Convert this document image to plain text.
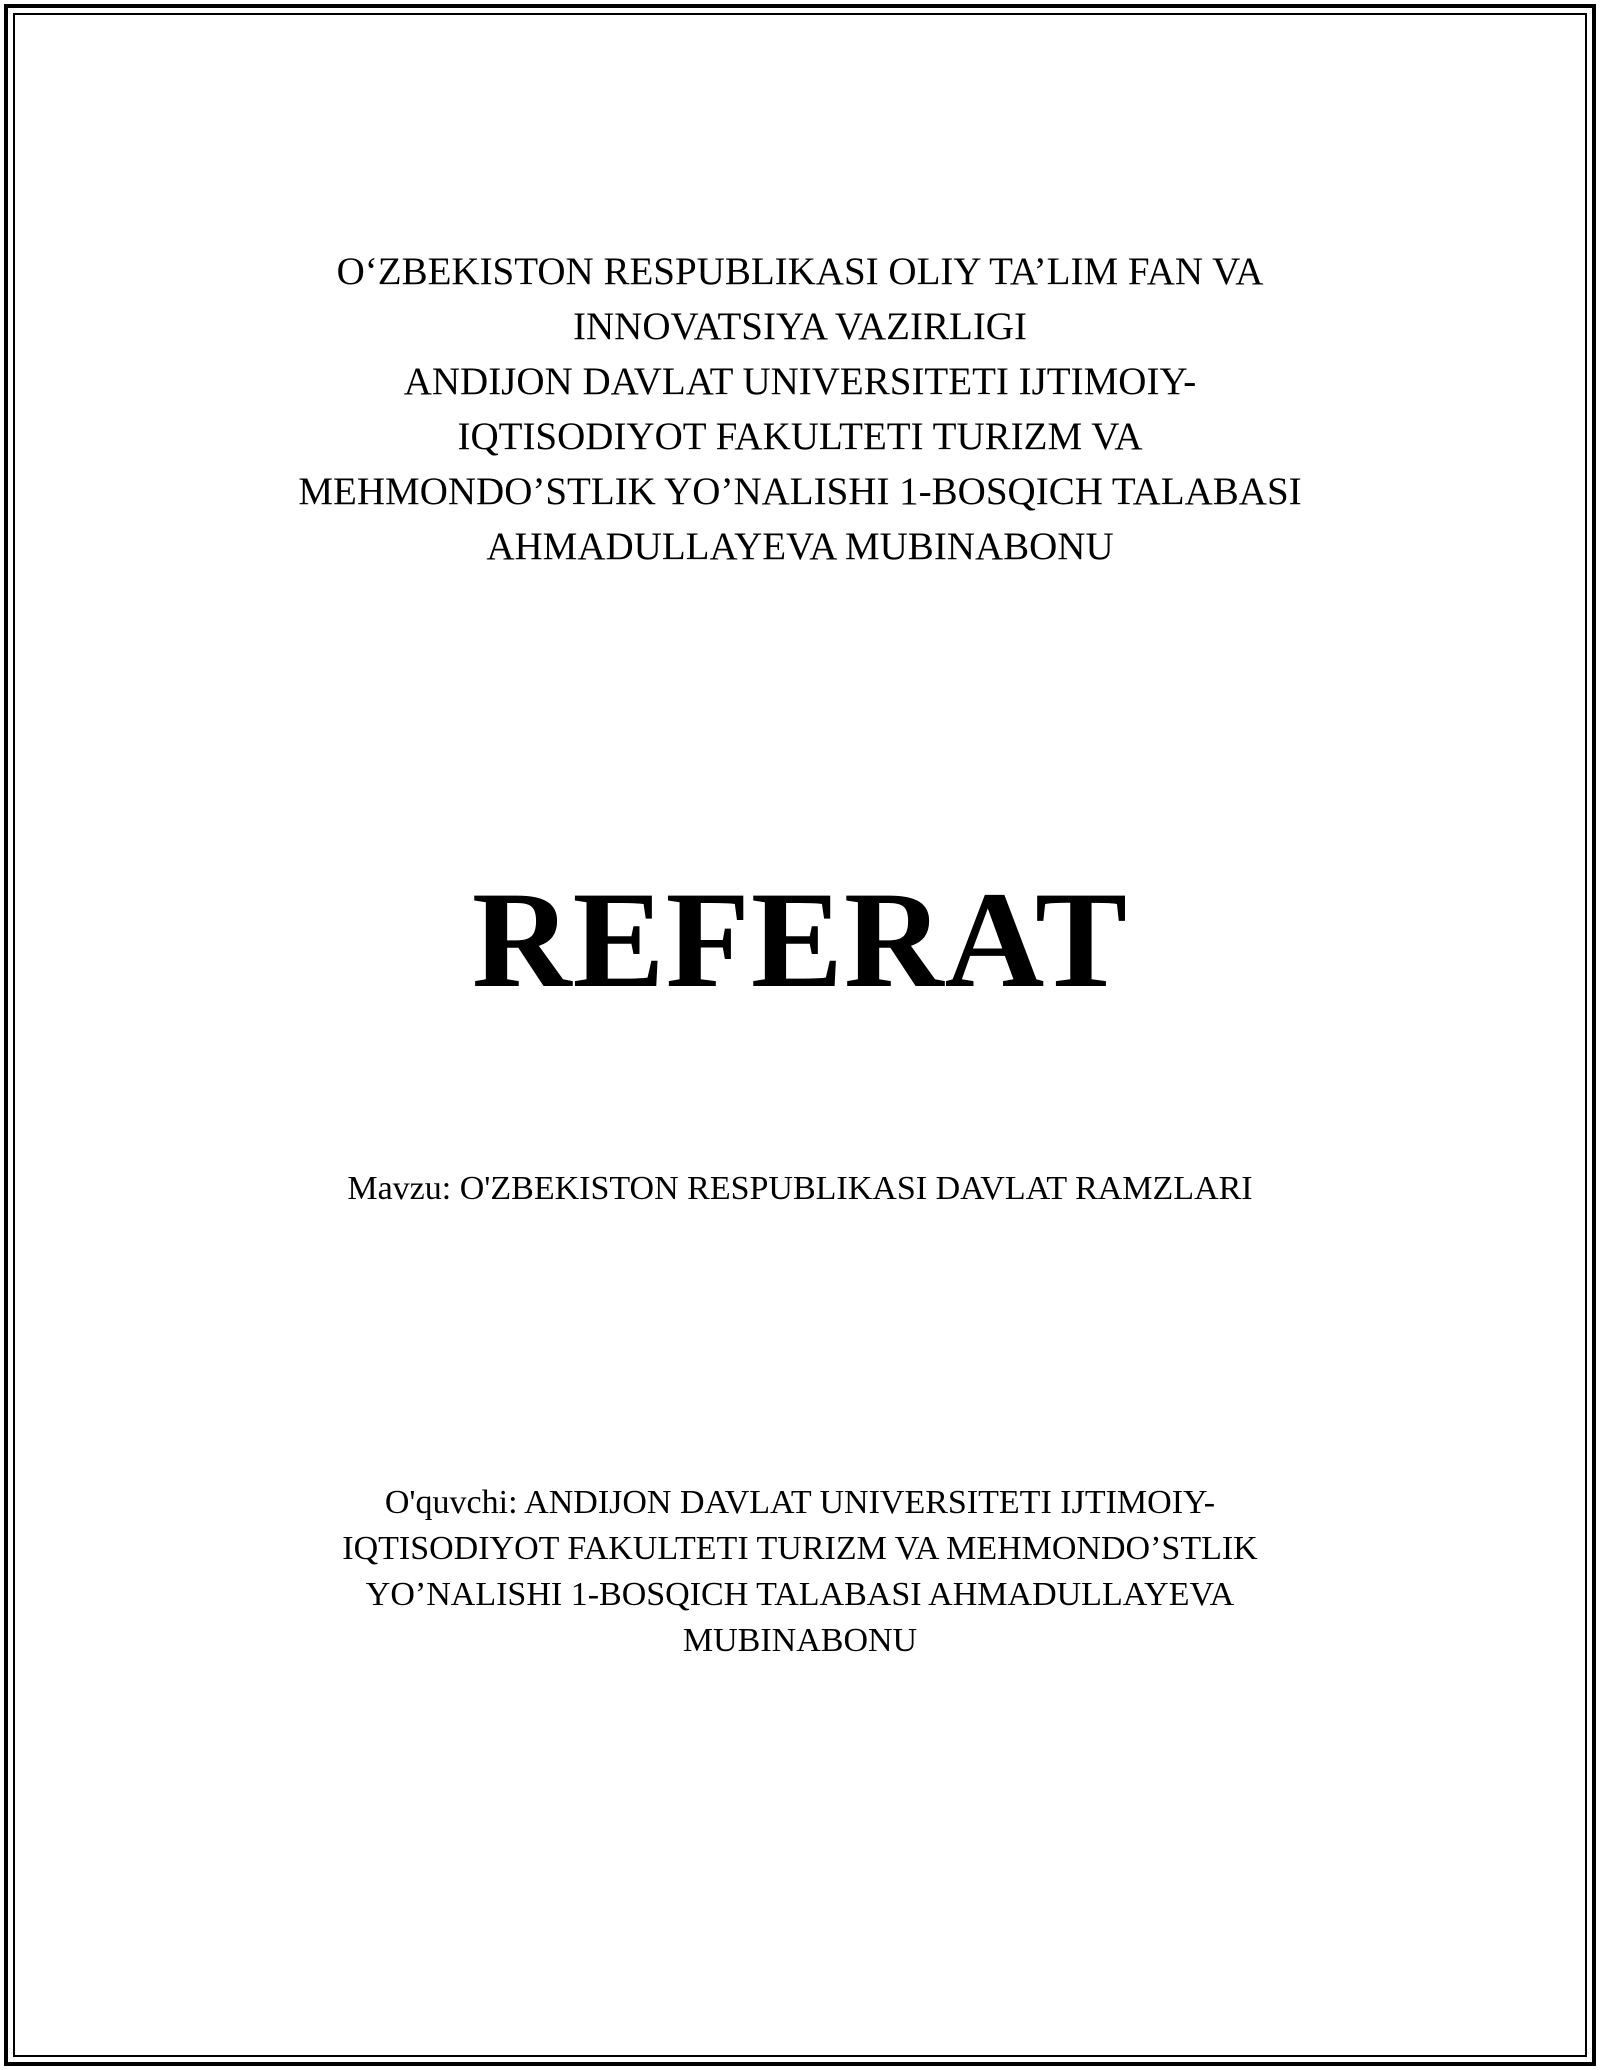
O‘ZBEKISTON RESPUBLIKASI OLIY TA’LIM FAN VA
INNOVATSIYA VAZIRLIGI
ANDIJON DAVLAT UNIVERSITETI IJTIMOIY-
IQTISODIYOT FAKULTETI TURIZM VA
MEHMONDO’STLIK YO’NALISHI 1-BOSQICH TALABASI
AHMADULLAYEVA MUBINABONU
REFERAT
Mavzu: O'ZBEKISTON RESPUBLIKASI DAVLAT RAMZLARI
O'quvchi: ANDIJON DAVLAT UNIVERSITETI IJTIMOIY-
IQTISODIYOT FAKULTETI TURIZM VA MEHMONDO’STLIK
YO’NALISHI 1-BOSQICH TALABASI AHMADULLAYEVA
MUBINABONU
